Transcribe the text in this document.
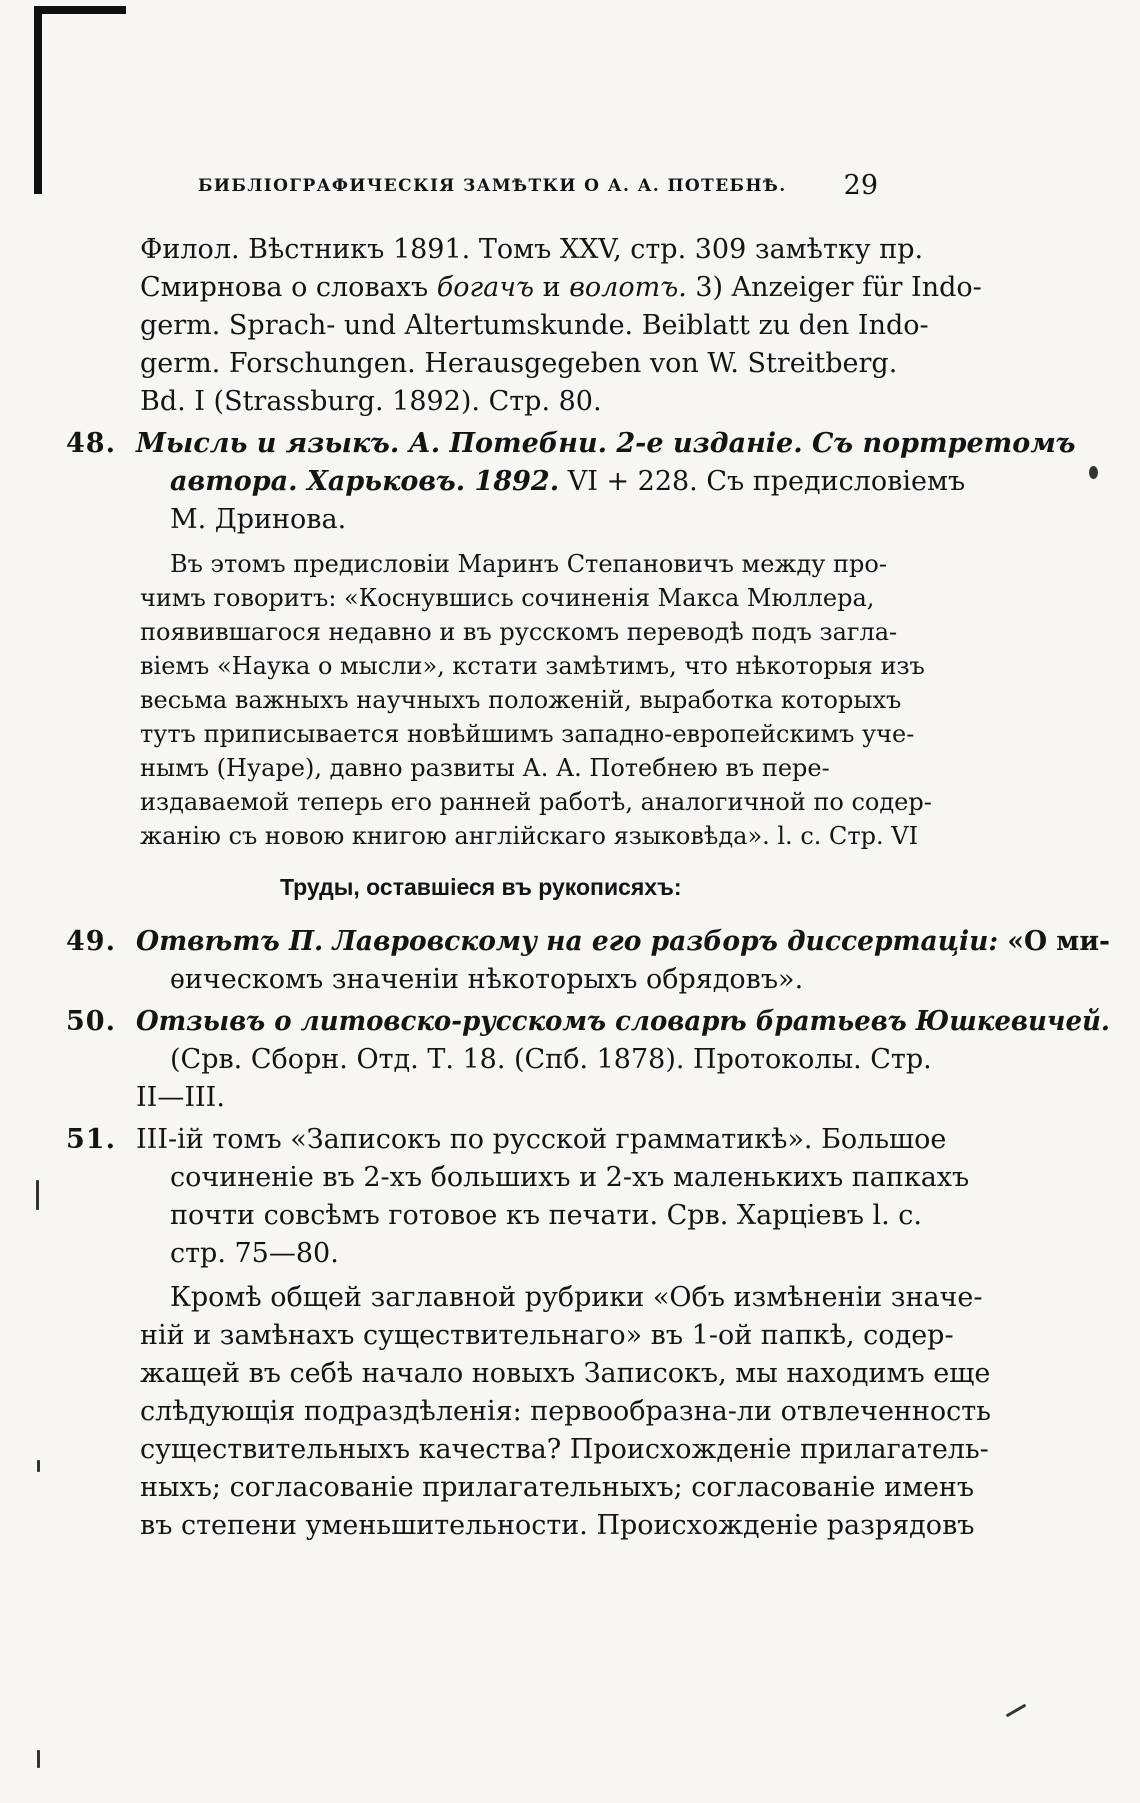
БИБЛІОГРАФИЧЕСКІЯ ЗАМѢТКИ О А. А. ПОТЕБНѢ. 29
Филол. Вѣстникъ 1891. Томъ XXV, стр. 309 замѣтку пр.
Смирнова о словахъ богачъ и волотъ. 3) Anzeiger für Indo-
germ. Sprach- und Altertumskunde. Beiblatt zu den Indo-
germ. Forschungen. Herausgegeben von W. Streitberg.
Bd. I (Strassburg. 1892). Стр. 80.
48. Мысль и языкъ. А. Потебни. 2-е изданіе. Съ портретомъ
автора. Харьковъ. 1892. VI + 228. Съ предисловіемъ
М. Дринова.
Въ этомъ предисловіи Маринъ Степановичъ между про-
чимъ говоритъ: «Коснувшись сочиненія Макса Мюллера,
появившагося недавно и въ русскомъ переводѣ подъ загла-
віемъ «Наука о мысли», кстати замѣтимъ, что нѣкоторыя изъ
весьма важныхъ научныхъ положеній, выработка которыхъ
тутъ приписывается новѣйшимъ западно-европейскимъ уче-
нымъ (Нуаре), давно развиты А. А. Потебнею въ пере-
издаваемой теперь его ранней работѣ, аналогичной по содер-
жанію съ новою книгою англійскаго языковѣда». l. c. Стр. VI
Труды, оставшіеся въ рукописяхъ:
49. Отвѣтъ П. Лавровскому на его разборъ диссертаціи: «О ми-
ѳическомъ значеніи нѣкоторыхъ обрядовъ».
50. Отзывъ о литовско-русскомъ словарѣ братьевъ Юшкевичей.
(Срв. Сборн. Отд. Т. 18. (Спб. 1878). Протоколы. Стр.
II—III.
51. III-ій томъ «Записокъ по русской грамматикѣ». Большое
сочиненіе въ 2-хъ большихъ и 2-хъ маленькихъ папкахъ
почти совсѣмъ готовое къ печати. Срв. Харціевъ l. c.
стр. 75—80.
Кромѣ общей заглавной рубрики «Объ измѣненіи значе-
ній и замѣнахъ существительнаго» въ 1-ой папкѣ, содер-
жащей въ себѣ начало новыхъ Записокъ, мы находимъ еще
слѣдующія подраздѣленія: первообразна-ли отвлеченность
существительныхъ качества? Происхожденіе прилагатель-
ныхъ; согласованіе прилагательныхъ; согласованіе именъ
въ степени уменьшительности. Происхожденіе разрядовъ
